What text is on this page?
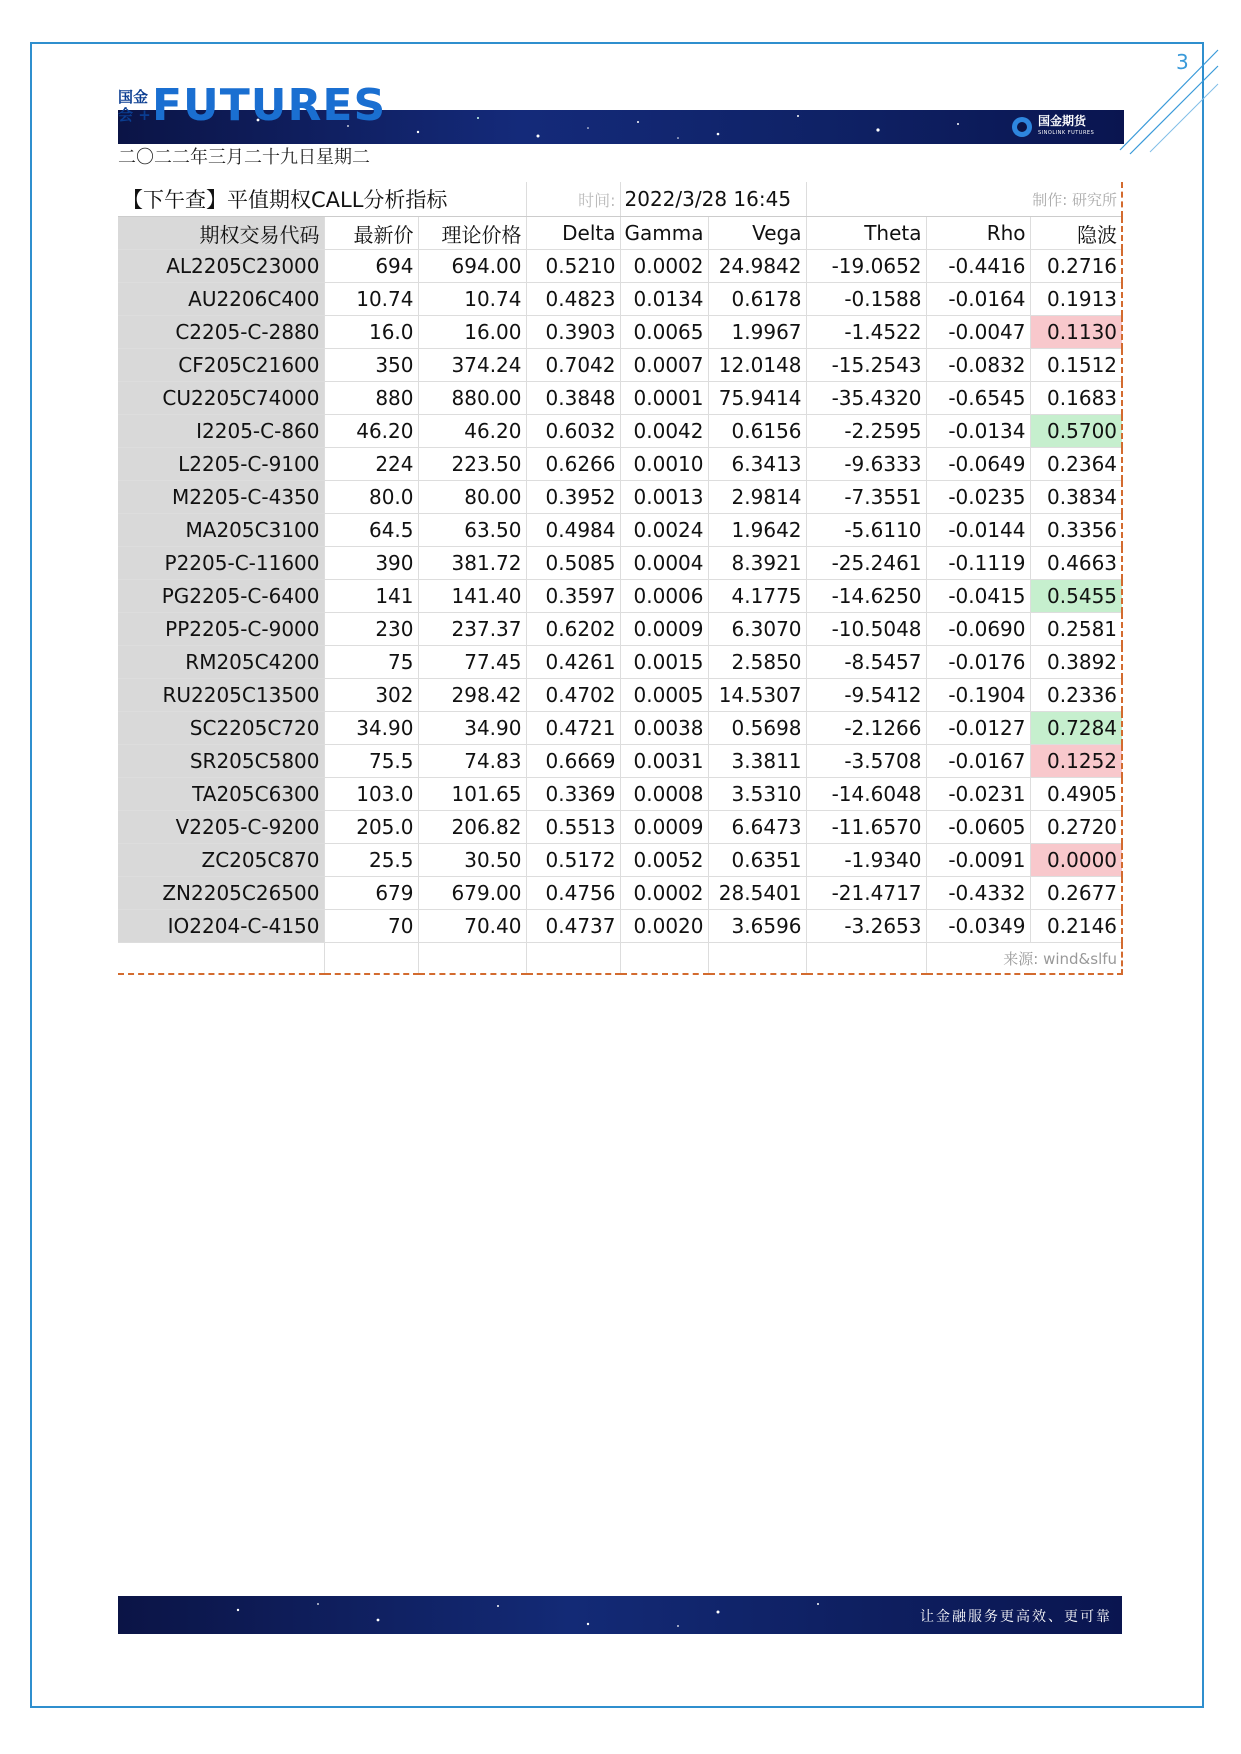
3
国金
会 + FUTURES	国金期货
SINOLINK FUTURES
二〇二二年三月二十九日星期二
【下午查】平值期权CALL分析指标			时间:	2022/3/28 16:45		制作: 研究所		
期权交易代码	最新价	理论价格	Delta	Gamma	Vega	Theta	Rho	隐波
AL2205C23000	694	694.00	0.5210	0.0002	24.9842	-19.0652	-0.4416	0.2716
AU2206C400	10.74	10.74	0.4823	0.0134	0.6178	-0.1588	-0.0164	0.1913
C2205-C-2880	16.0	16.00	0.3903	0.0065	1.9967	-1.4522	-0.0047	0.1130
CF205C21600	350	374.24	0.7042	0.0007	12.0148	-15.2543	-0.0832	0.1512
CU2205C74000	880	880.00	0.3848	0.0001	75.9414	-35.4320	-0.6545	0.1683
I2205-C-860	46.20	46.20	0.6032	0.0042	0.6156	-2.2595	-0.0134	0.5700
L2205-C-9100	224	223.50	0.6266	0.0010	6.3413	-9.6333	-0.0649	0.2364
M2205-C-4350	80.0	80.00	0.3952	0.0013	2.9814	-7.3551	-0.0235	0.3834
MA205C3100	64.5	63.50	0.4984	0.0024	1.9642	-5.6110	-0.0144	0.3356
P2205-C-11600	390	381.72	0.5085	0.0004	8.3921	-25.2461	-0.1119	0.4663
PG2205-C-6400	141	141.40	0.3597	0.0006	4.1775	-14.6250	-0.0415	0.5455
PP2205-C-9000	230	237.37	0.6202	0.0009	6.3070	-10.5048	-0.0690	0.2581
RM205C4200	75	77.45	0.4261	0.0015	2.5850	-8.5457	-0.0176	0.3892
RU2205C13500	302	298.42	0.4702	0.0005	14.5307	-9.5412	-0.1904	0.2336
SC2205C720	34.90	34.90	0.4721	0.0038	0.5698	-2.1266	-0.0127	0.7284
SR205C5800	75.5	74.83	0.6669	0.0031	3.3811	-3.5708	-0.0167	0.1252
TA205C6300	103.0	101.65	0.3369	0.0008	3.5310	-14.6048	-0.0231	0.4905
V2205-C-9200	205.0	206.82	0.5513	0.0009	6.6473	-11.6570	-0.0605	0.2720
ZC205C870	25.5	30.50	0.5172	0.0052	0.6351	-1.9340	-0.0091	0.0000
ZN2205C26500	679	679.00	0.4756	0.0002	28.5401	-21.4717	-0.4332	0.2677
IO2204-C-4150	70	70.40	0.4737	0.0020	3.6596	-3.2653	-0.0349	0.2146
							来源: wind&slfu	
让金融服务更高效、更可靠
